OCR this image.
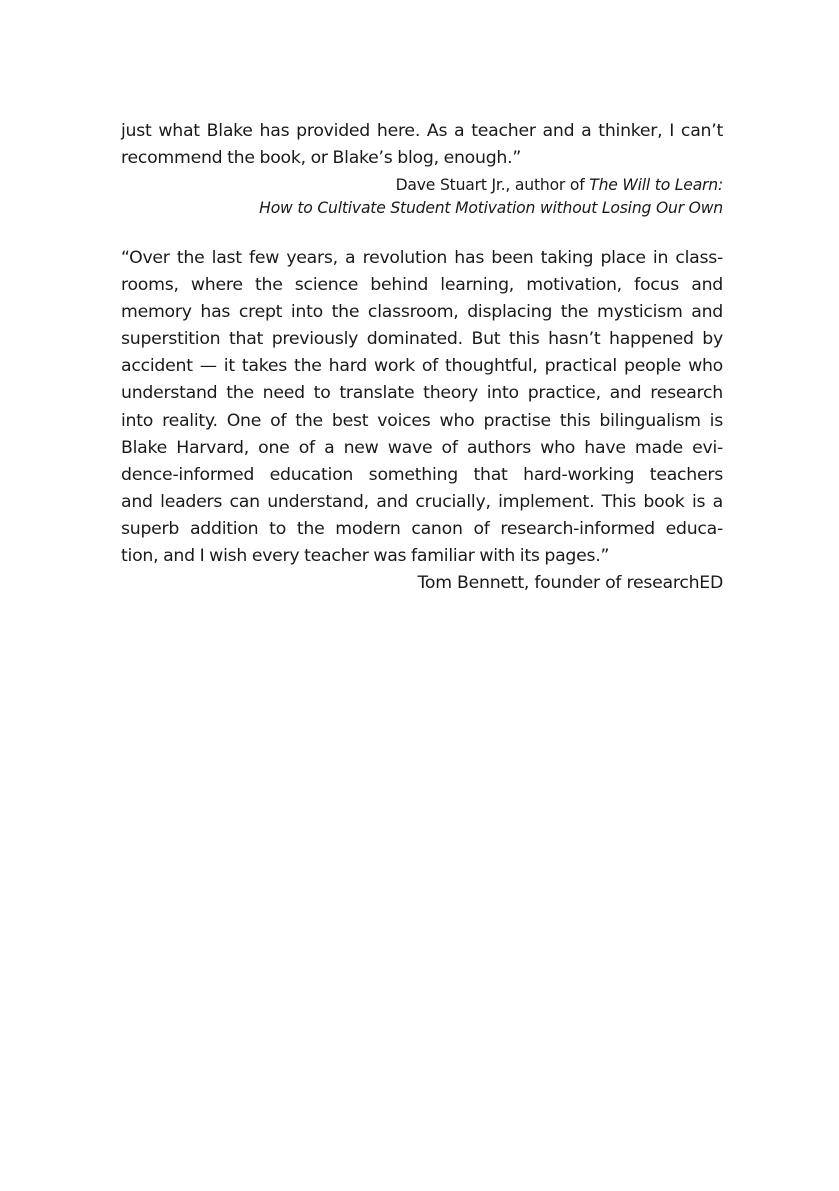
just what Blake has provided here. As a teacher and a thinker, I can’t
recommend the book, or Blake’s blog, enough.”
Dave Stuart Jr., author of The Will to Learn:
How to Cultivate Student Motivation without Losing Our Own
“Over the last few years, a revolution has been taking place in class-
rooms, where the science behind learning, motivation, focus and
memory has crept into the classroom, displacing the mysticism and
superstition that previously dominated. But this hasn’t happened by
accident — it takes the hard work of thoughtful, practical people who
understand the need to translate theory into practice, and research
into reality. One of the best voices who practise this bilingualism is
Blake Harvard, one of a new wave of authors who have made evi-
dence-informed education something that hard-working teachers
and leaders can understand, and crucially, implement. This book is a
superb addition to the modern canon of research-informed educa-
tion, and I wish every teacher was familiar with its pages.”
Tom Bennett, founder of researchED
